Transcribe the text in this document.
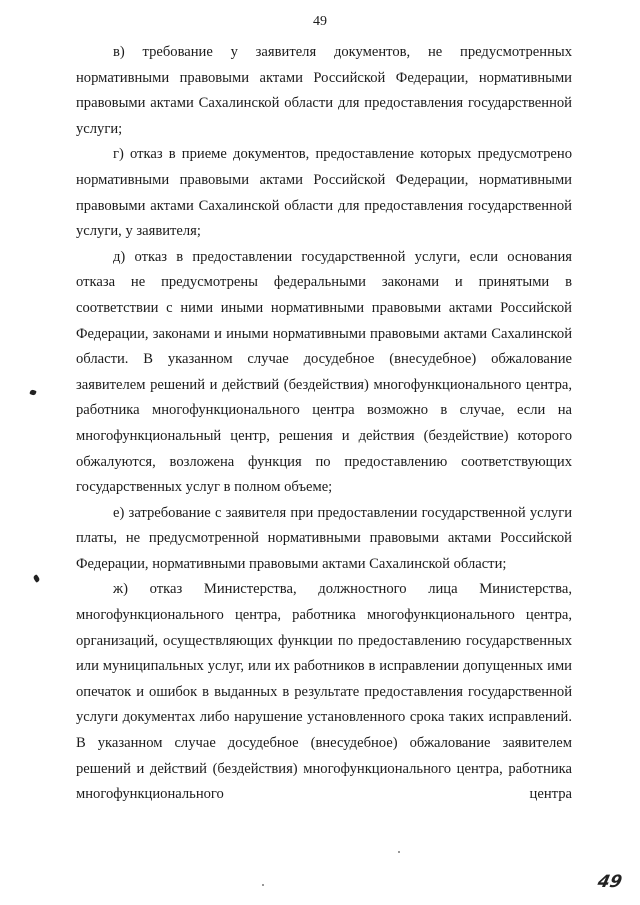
49

в) требование у заявителя документов, не предусмотренных нормативными правовыми актами Российской Федерации, нормативными правовыми актами Сахалинской области для предоставления государственной услуги;

г) отказ в приеме документов, предоставление которых предусмотрено нормативными правовыми актами Российской Федерации, нормативными правовыми актами Сахалинской области для предоставления государственной услуги, у заявителя;

д) отказ в предоставлении государственной услуги, если основания отказа не предусмотрены федеральными законами и принятыми в соответствии с ними иными нормативными правовыми актами Российской Федерации, законами и иными нормативными правовыми актами Сахалинской области. В указанном случае досудебное (внесудебное) обжалование заявителем решений и действий (бездействия) многофункционального центра, работника многофункционального центра возможно в случае, если на многофункциональный центр, решения и действия (бездействие) которого обжалуются, возложена функция по предоставлению соответствующих государственных услуг в полном объеме;

е) затребование с заявителя при предоставлении государственной услуги платы, не предусмотренной нормативными правовыми актами Российской Федерации, нормативными правовыми актами Сахалинской области;

ж) отказ Министерства, должностного лица Министерства, многофункционального центра, работника многофункционального центра, организаций, осуществляющих функции по предоставлению государственных или муниципальных услуг, или их работников в исправлении допущенных ими опечаток и ошибок в выданных в результате предоставления государственной услуги документах либо нарушение установленного срока таких исправлений. В указанном случае досудебное (внесудебное) обжалование заявителем решений и действий (бездействия) многофункционального центра, работника многофункционального центра

49
